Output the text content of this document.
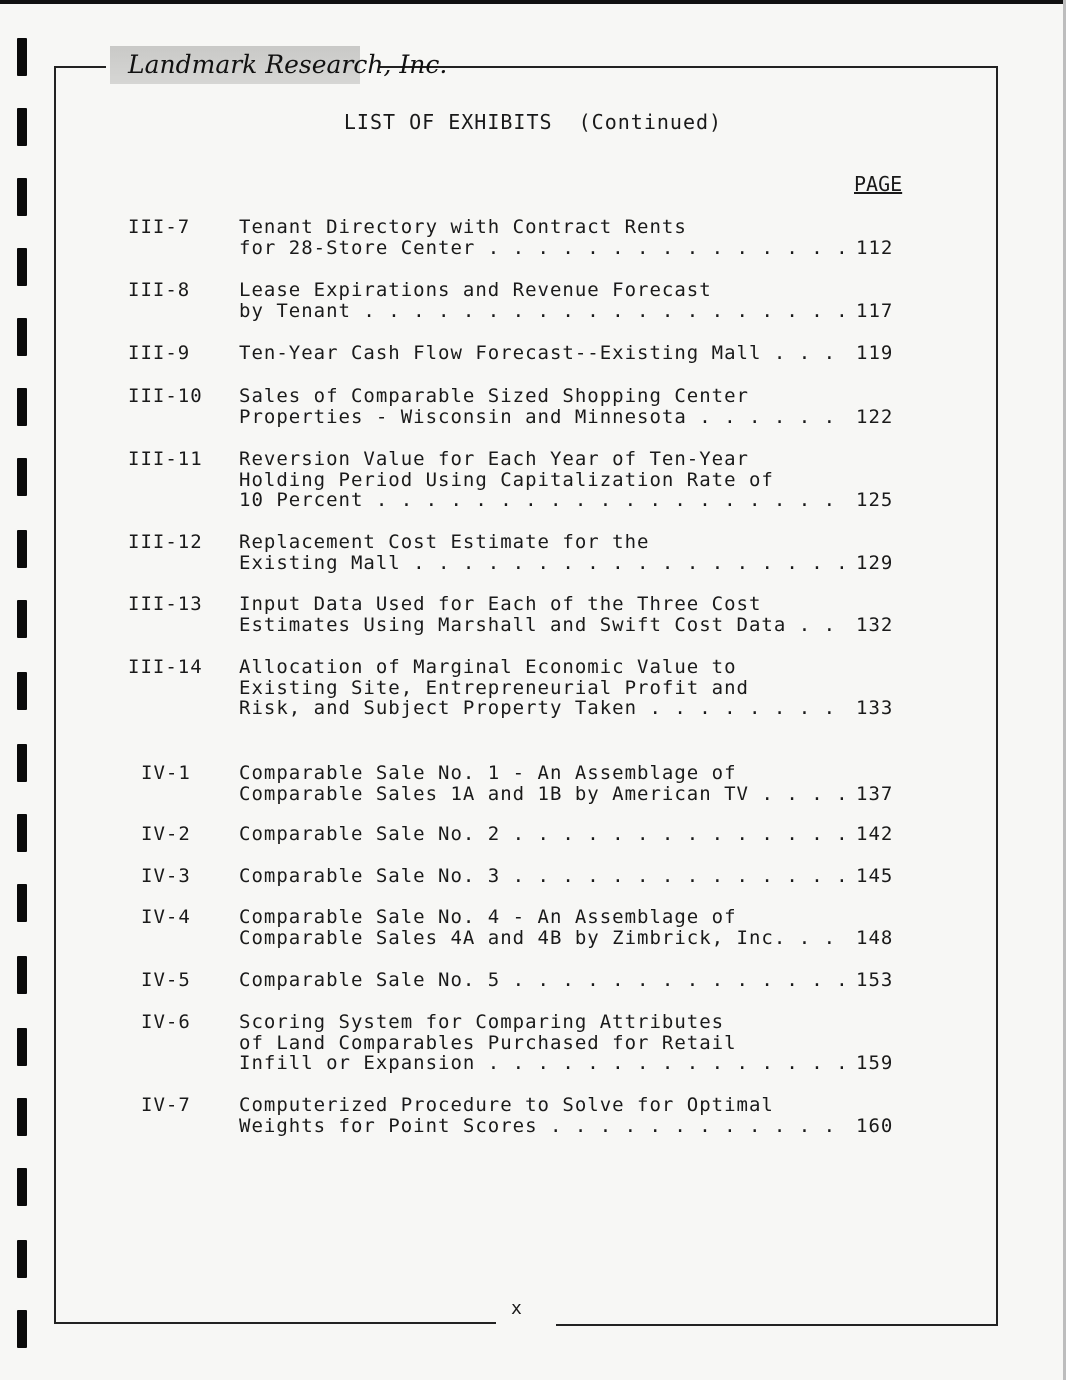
Landmark Research, Inc.
LIST OF EXHIBITS  (Continued)
PAGE
III-7	Tenant Directory with Contract Rents
for 28-Store Center . . . . . . . . . . . . . . . 112
III-8	Lease Expirations and Revenue Forecast
by Tenant . . . . . . . . . . . . . . . . . . . . 117
III-9	Ten-Year Cash Flow Forecast--Existing Mall . . . 119
III-10 Sales of Comparable Sized Shopping Center
Properties - Wisconsin and Minnesota . . . . . . 122
III-11 Reversion Value for Each Year of Ten-Year
Holding Period Using Capitalization Rate of
10 Percent . . . . . . . . . . . . . . . . . . . 125
III-12 Replacement Cost Estimate for the
Existing Mall . . . . . . . . . . . . . . . . . . 129
III-13 Input Data Used for Each of the Three Cost
Estimates Using Marshall and Swift Cost Data . . 132
III-14 Allocation of Marginal Economic Value to
Existing Site, Entrepreneurial Profit and
Risk, and Subject Property Taken . . . . . . . . 133
IV-1	Comparable Sale No. 1 - An Assemblage of
Comparable Sales 1A and 1B by American TV . . . . 137
IV-2	Comparable Sale No. 2 . . . . . . . . . . . . . . 142
IV-3	Comparable Sale No. 3 . . . . . . . . . . . . . . 145
IV-4	Comparable Sale No. 4 - An Assemblage of
Comparable Sales 4A and 4B by Zimbrick, Inc. . . 148
IV-5	Comparable Sale No. 5 . . . . . . . . . . . . . . 153
IV-6	Scoring System for Comparing Attributes
of Land Comparables Purchased for Retail
Infill or Expansion . . . . . . . . . . . . . . . 159
IV-7	Computerized Procedure to Solve for Optimal
Weights for Point Scores . . . . . . . . . . . . 160
x
